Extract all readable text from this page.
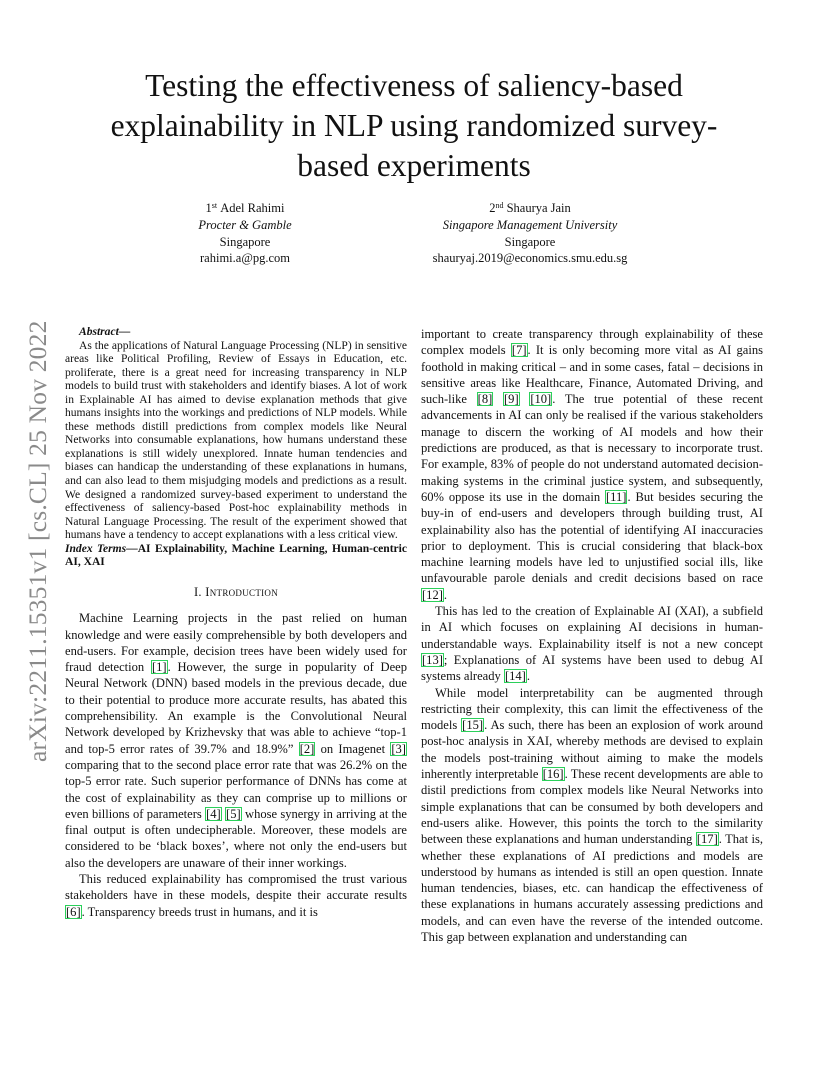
arXiv:2211.15351v1 [cs.CL] 25 Nov 2022
Testing the effectiveness of saliency-based explainability in NLP using randomized survey-based experiments
1st Adel Rahimi
Procter & Gamble
Singapore
rahimi.a@pg.com
2nd Shaurya Jain
Singapore Management University
Singapore
shauryaj.2019@economics.smu.edu.sg
Abstract—
As the applications of Natural Language Processing (NLP) in sensitive areas like Political Profiling, Review of Essays in Education, etc. proliferate, there is a great need for increasing transparency in NLP models to build trust with stakeholders and identify biases. A lot of work in Explainable AI has aimed to devise explanation methods that give humans insights into the workings and predictions of NLP models. While these methods distill predictions from complex models like Neural Networks into consumable explanations, how humans understand these explanations is still widely unexplored. Innate human tendencies and biases can handicap the understanding of these explanations in humans, and can also lead to them misjudging models and predictions as a result. We designed a randomized survey-based experiment to understand the effectiveness of saliency-based Post-hoc explainability methods in Natural Language Processing. The result of the experiment showed that humans have a tendency to accept explanations with a less critical view.
Index Terms—AI Explainability, Machine Learning, Human-centric AI, XAI
I. Introduction

Machine Learning projects in the past relied on human knowledge and were easily comprehensible by both developers and end-users. For example, decision trees have been widely used for fraud detection [1]. However, the surge in popularity of Deep Neural Network (DNN) based models in the previous decade, due to their potential to produce more accurate results, has abated this comprehensibility. An example is the Convolutional Neural Network developed by Krizhevsky that was able to achieve “top-1 and top-5 error rates of 39.7% and 18.9%” [2] on Imagenet [3] comparing that to the second place error rate that was 26.2% on the top-5 error rate. Such superior performance of DNNs has come at the cost of explainability as they can comprise up to millions or even billions of parameters [4] [5] whose synergy in arriving at the final output is often undecipherable. Moreover, these models are considered to be ‘black boxes’, where not only the end-users but also the developers are unaware of their inner workings.

This reduced explainability has compromised the trust various stakeholders have in these models, despite their accurate results [6]. Transparency breeds trust in humans, and it is

important to create transparency through explainability of these complex models [7]. It is only becoming more vital as AI gains foothold in making critical – and in some cases, fatal – decisions in sensitive areas like Healthcare, Finance, Automated Driving, and such-like [8] [9] [10]. The true potential of these recent advancements in AI can only be realised if the various stakeholders manage to discern the working of AI models and how their predictions are produced, as that is necessary to incorporate trust. For example, 83% of people do not understand automated decision-making systems in the criminal justice system, and subsequently, 60% oppose its use in the domain [11]. But besides securing the buy-in of end-users and developers through building trust, AI explainability also has the potential of identifying AI inaccuracies prior to deployment. This is crucial considering that black-box machine learning models have led to unjustified social ills, like unfavourable parole denials and credit decisions based on race [12].

This has led to the creation of Explainable AI (XAI), a subfield in AI which focuses on explaining AI decisions in human-understandable ways. Explainability itself is not a new concept [13]; Explanations of AI systems have been used to debug AI systems already [14].

While model interpretability can be augmented through restricting their complexity, this can limit the effectiveness of the models [15]. As such, there has been an explosion of work around post-hoc analysis in XAI, whereby methods are devised to explain the models post-training without aiming to make the models inherently interpretable [16]. These recent developments are able to distil predictions from complex models like Neural Networks into simple explanations that can be consumed by both developers and end-users alike. However, this points the torch to the similarity between these explanations and human understanding [17]. That is, whether these explanations of AI predictions and models are understood by humans as intended is still an open question. Innate human tendencies, biases, etc. can handicap the effectiveness of these explanations in humans accurately assessing predictions and models, and can even have the reverse of the intended outcome. This gap between explanation and understanding can
